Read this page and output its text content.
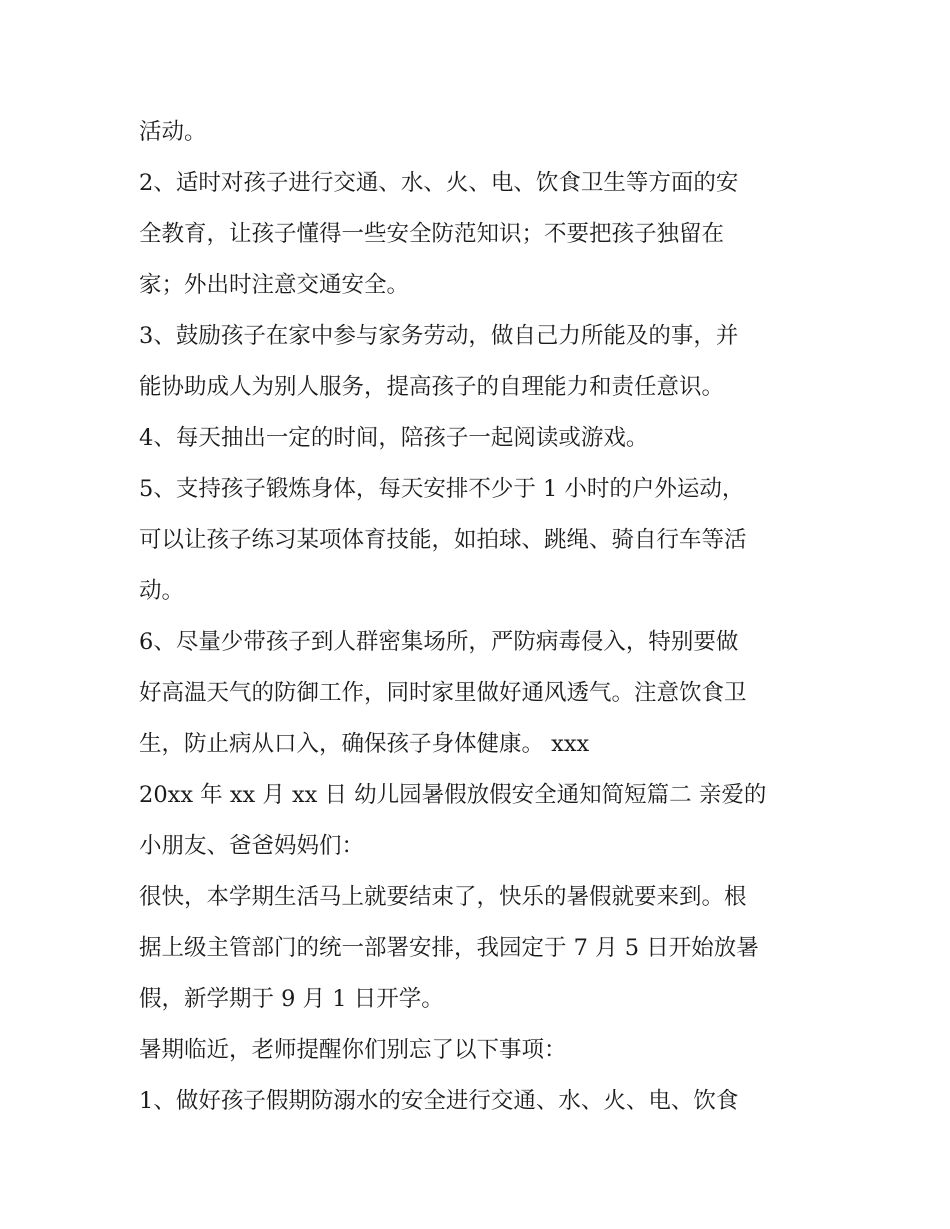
活动。
2、适时对孩子进行交通、水、火、电、饮食卫生等方面的安
全教育，让孩子懂得一些安全防范知识；不要把孩子独留在
家；外出时注意交通安全。
3、鼓励孩子在家中参与家务劳动，做自己力所能及的事，并
能协助成人为别人服务，提高孩子的自理能力和责任意识。
4、每天抽出一定的时间，陪孩子一起阅读或游戏。
5、支持孩子锻炼身体，每天安排不少于 1 小时的户外运动，
可以让孩子练习某项体育技能，如拍球、跳绳、骑自行车等活
动。
6、尽量少带孩子到人群密集场所，严防病毒侵入，特别要做
好高温天气的防御工作，同时家里做好通风透气。注意饮食卫
生，防止病从口入，确保孩子身体健康。 xxx
20xx 年 xx 月 xx 日 幼儿园暑假放假安全通知简短篇二 亲爱的
小朋友、爸爸妈妈们：
很快，本学期生活马上就要结束了，快乐的暑假就要来到。根
据上级主管部门的统一部署安排，我园定于 7 月 5 日开始放暑
假，新学期于 9 月 1 日开学。
暑期临近，老师提醒你们别忘了以下事项：
1、做好孩子假期防溺水的安全进行交通、水、火、电、饮食
